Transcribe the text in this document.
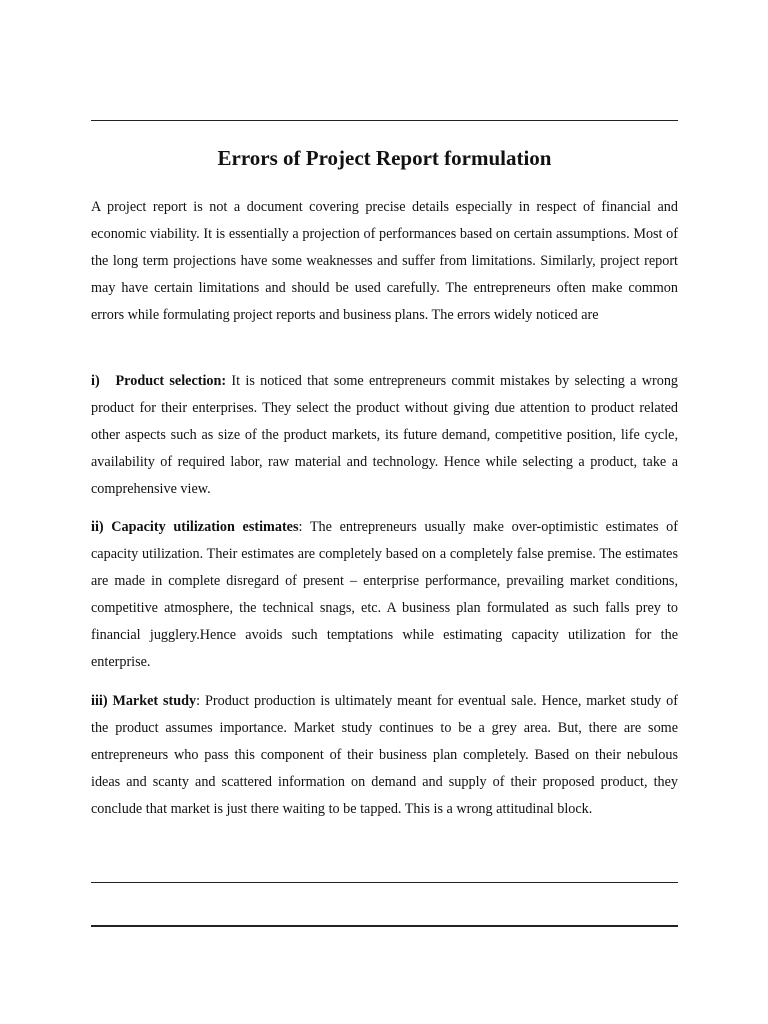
Errors of Project Report formulation

A project report is not a document covering precise details especially in respect of financial and economic viability. It is essentially a projection of performances based on certain assumptions. Most of the long term projections have some weaknesses and suffer from limitations. Similarly, project report may have certain limitations and should be used carefully. The entrepreneurs often make common errors while formulating project reports and business plans. The errors widely noticed are

i)   Product selection: It is noticed that some entrepreneurs commit mistakes by selecting a wrong product for their enterprises. They select the product without giving due attention to product related other aspects such as size of the product markets, its future demand, competitive position, life cycle, availability of required labor, raw material and technology. Hence while selecting a product, take a comprehensive view.

ii) Capacity utilization estimates: The entrepreneurs usually make over-optimistic estimates of capacity utilization. Their estimates are completely based on a completely false premise. The estimates are made in complete disregard of present – enterprise performance, prevailing market conditions, competitive atmosphere, the technical snags, etc. A business plan formulated as such falls prey to financial jugglery.Hence avoids such temptations while estimating capacity utilization for the enterprise.

iii) Market study: Product production is ultimately meant for eventual sale. Hence, market study of the product assumes importance. Market study continues to be a grey area. But, there are some entrepreneurs who pass this component of their business plan completely. Based on their nebulous ideas and scanty and scattered information on demand and supply of their proposed product, they conclude that market is just there waiting to be tapped. This is a wrong attitudinal block.
